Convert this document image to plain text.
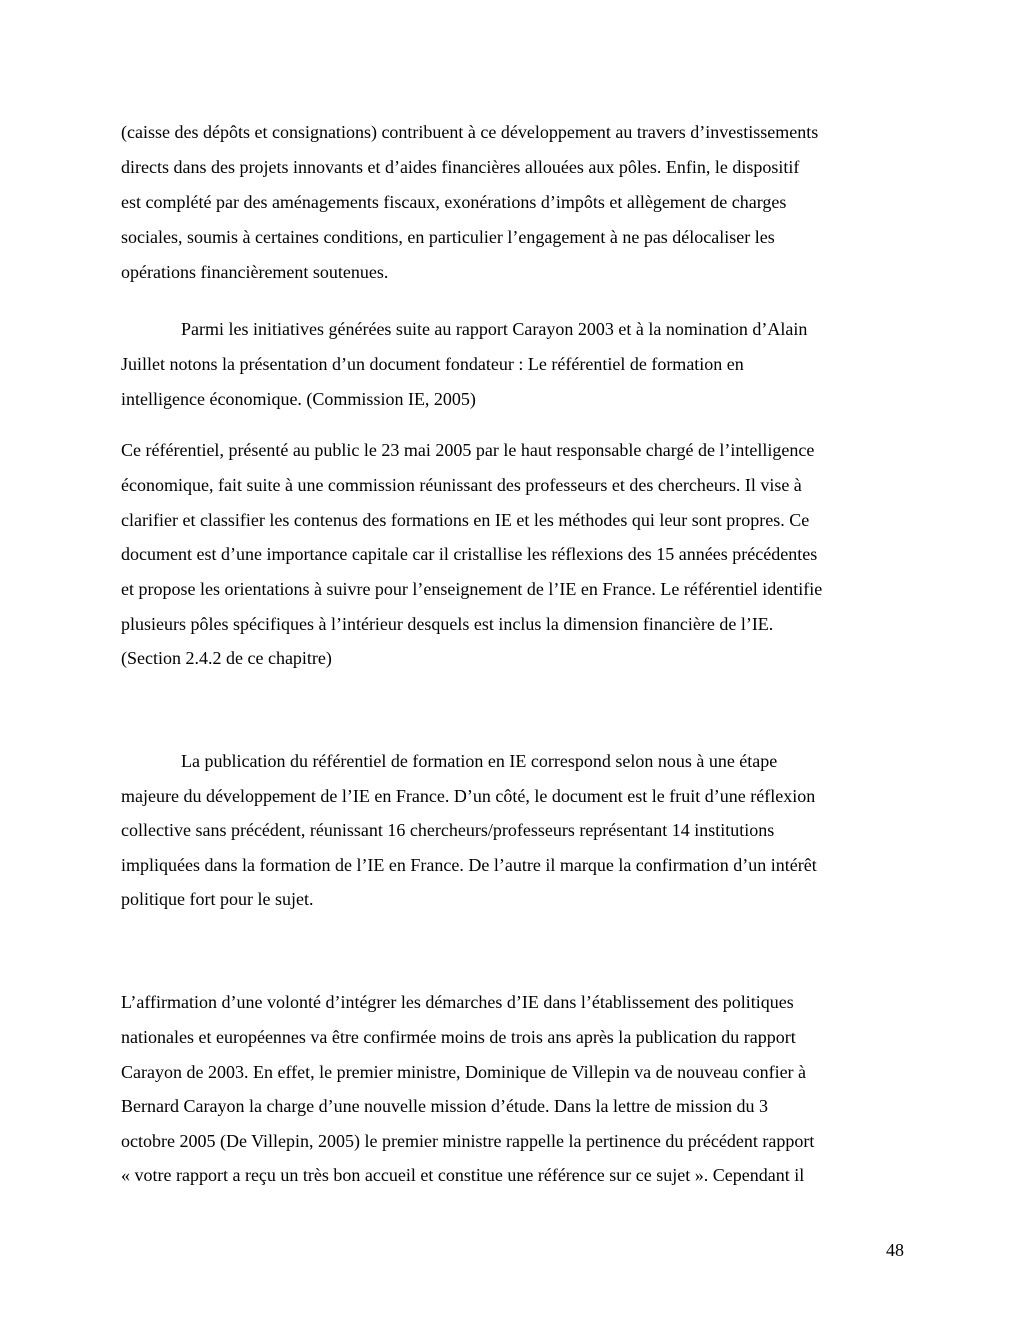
(caisse des dépôts et consignations) contribuent à ce développement au travers d’investissements

directs dans des projets innovants et d’aides financières allouées aux pôles. Enfin, le dispositif

est complété par des aménagements fiscaux, exonérations d’impôts et allègement de charges

sociales, soumis à certaines conditions, en particulier l’engagement à ne pas délocaliser les

opérations financièrement soutenues.

Parmi les initiatives générées suite au rapport Carayon 2003 et à la nomination d’Alain

Juillet notons la présentation d’un document fondateur : Le référentiel de formation en

intelligence économique. (Commission IE, 2005)

Ce référentiel, présenté au public le 23 mai 2005 par le haut responsable chargé de l’intelligence

économique, fait suite à une commission réunissant des professeurs et des chercheurs. Il vise à

clarifier et classifier les contenus des formations en IE et les méthodes qui leur sont propres. Ce

document est d’une importance capitale car il cristallise les réflexions des 15 années précédentes

et propose les orientations à suivre pour l’enseignement de l’IE en France. Le référentiel identifie

plusieurs pôles spécifiques à l’intérieur desquels est inclus la dimension financière de l’IE.

(Section 2.4.2 de ce chapitre)

La publication du référentiel de formation en IE correspond selon nous à une étape

majeure du développement de l’IE en France. D’un côté, le document est le fruit d’une réflexion

collective sans précédent, réunissant 16 chercheurs/professeurs représentant 14 institutions

impliquées dans la formation de l’IE en France. De l’autre il marque la confirmation d’un intérêt

politique fort pour le sujet.

L’affirmation d’une volonté d’intégrer les démarches d’IE dans l’établissement des politiques

nationales et européennes va être confirmée moins de trois ans après la publication du rapport

Carayon de 2003. En effet, le premier ministre, Dominique de Villepin va de nouveau confier à

Bernard Carayon la charge d’une nouvelle mission d’étude. Dans la lettre de mission du 3

octobre 2005 (De Villepin, 2005) le premier ministre rappelle la pertinence du précédent rapport

« votre rapport a reçu un très bon accueil et constitue une référence sur ce sujet ». Cependant il

48
